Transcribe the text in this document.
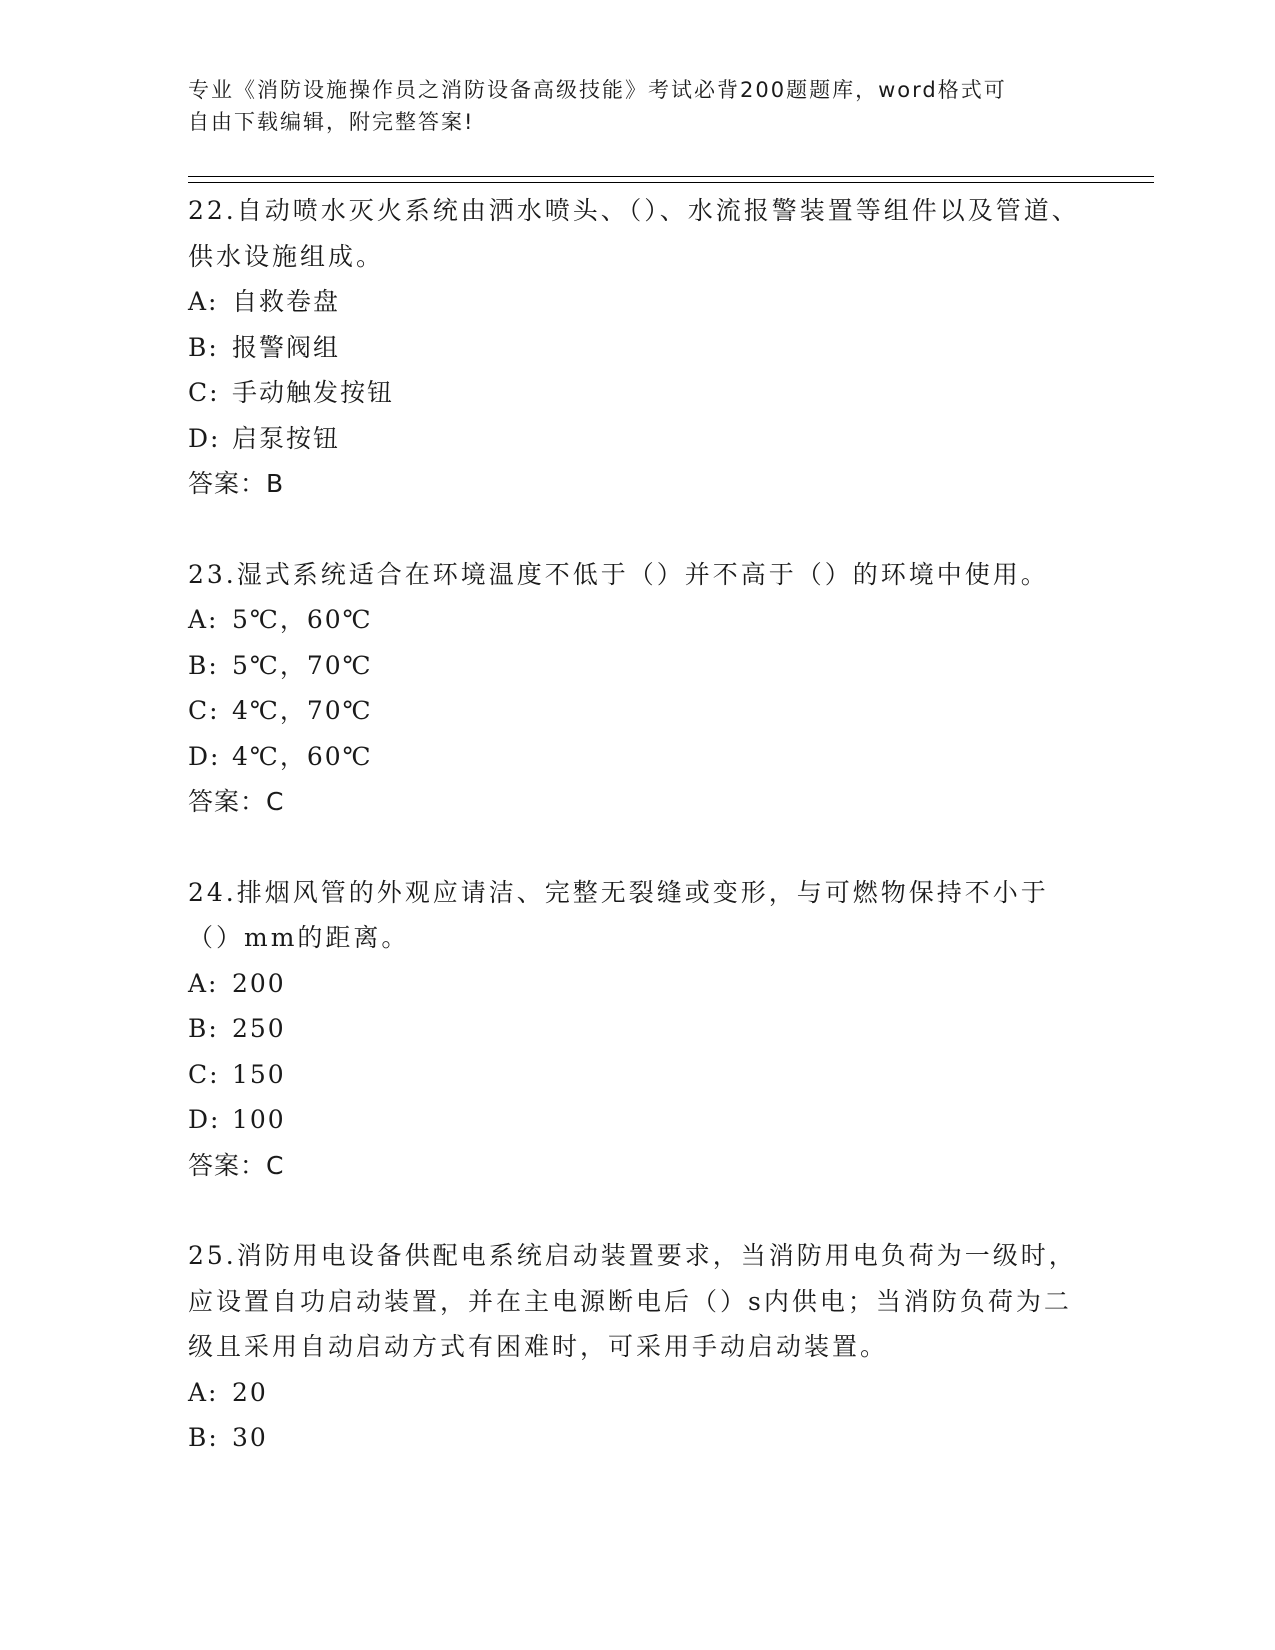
专业《消防设施操作员之消防设备高级技能》考试必背200题题库，word格式可
自由下载编辑，附完整答案!

22.自动喷水灭火系统由洒水喷头、（）、水流报警装置等组件以及管道、供水设施组成。

A: 自救卷盘

B: 报警阀组

C: 手动触发按钮

D: 启泵按钮

答案：B

23.湿式系统适合在环境温度不低于（）并不高于（）的环境中使用。

A: 5℃，60℃

B: 5℃，70℃

C: 4℃，70℃

D: 4℃，60℃

答案：C

24.排烟风管的外观应请洁、完整无裂缝或变形，与可燃物保持不小于（）mm的距离。

A: 200

B: 250

C: 150

D: 100

答案：C

25.消防用电设备供配电系统启动装置要求，当消防用电负荷为一级时，应设置自功启动装置，并在主电源断电后（）s内供电；当消防负荷为二级且采用自动启动方式有困难时，可采用手动启动装置。

A: 20

B: 30
